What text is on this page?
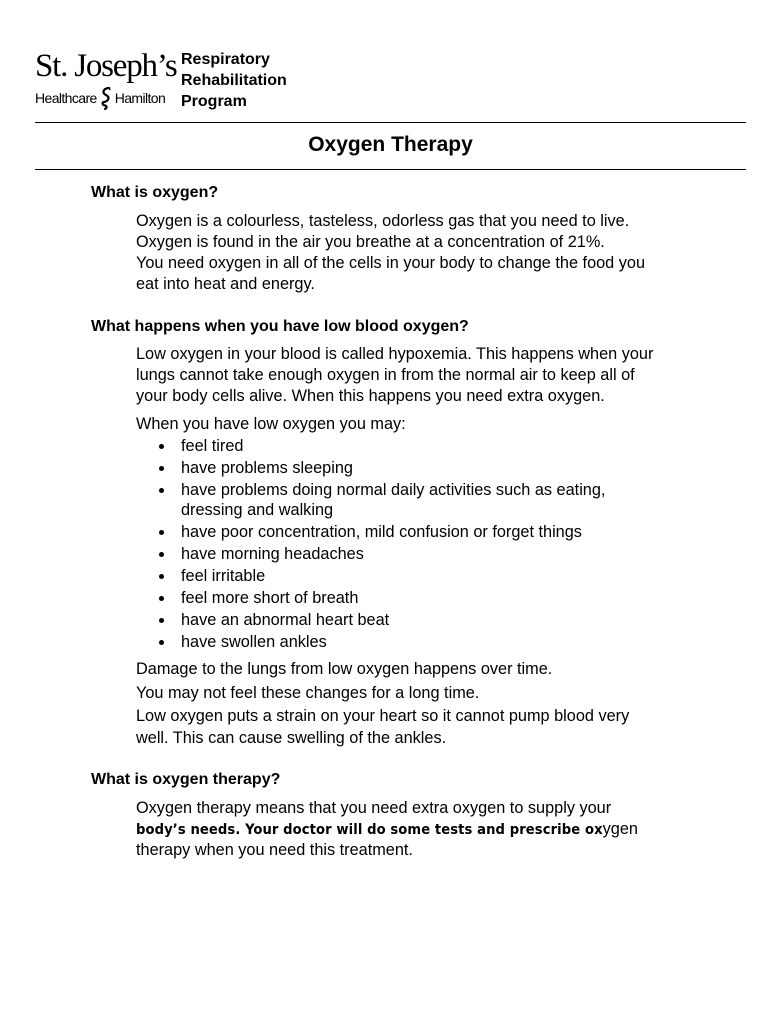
St. Joseph’s
Healthcare Hamilton
Respiratory
Rehabilitation
Program
Oxygen Therapy
What is oxygen?
Oxygen is a colourless, tasteless, odorless gas that you need to live.
Oxygen is found in the air you breathe at a concentration of 21%.
You need oxygen in all of the cells in your body to change the food you
eat into heat and energy.
What happens when you have low blood oxygen?
Low oxygen in your blood is called hypoxemia. This happens when your
lungs cannot take enough oxygen in from the normal air to keep all of
your body cells alive. When this happens you need extra oxygen.
When you have low oxygen you may:
feel tired
have problems sleeping
have problems doing normal daily activities such as eating,
dressing and walking
have poor concentration, mild confusion or forget things
have morning headaches
feel irritable
feel more short of breath
have an abnormal heart beat
have swollen ankles
Damage to the lungs from low oxygen happens over time.
You may not feel these changes for a long time.
Low oxygen puts a strain on your heart so it cannot pump blood very
well. This can cause swelling of the ankles.
What is oxygen therapy?
Oxygen therapy means that you need extra oxygen to supply your
body’s needs. Your doctor will do some tests and prescribe oxygen
therapy when you need this treatment.
